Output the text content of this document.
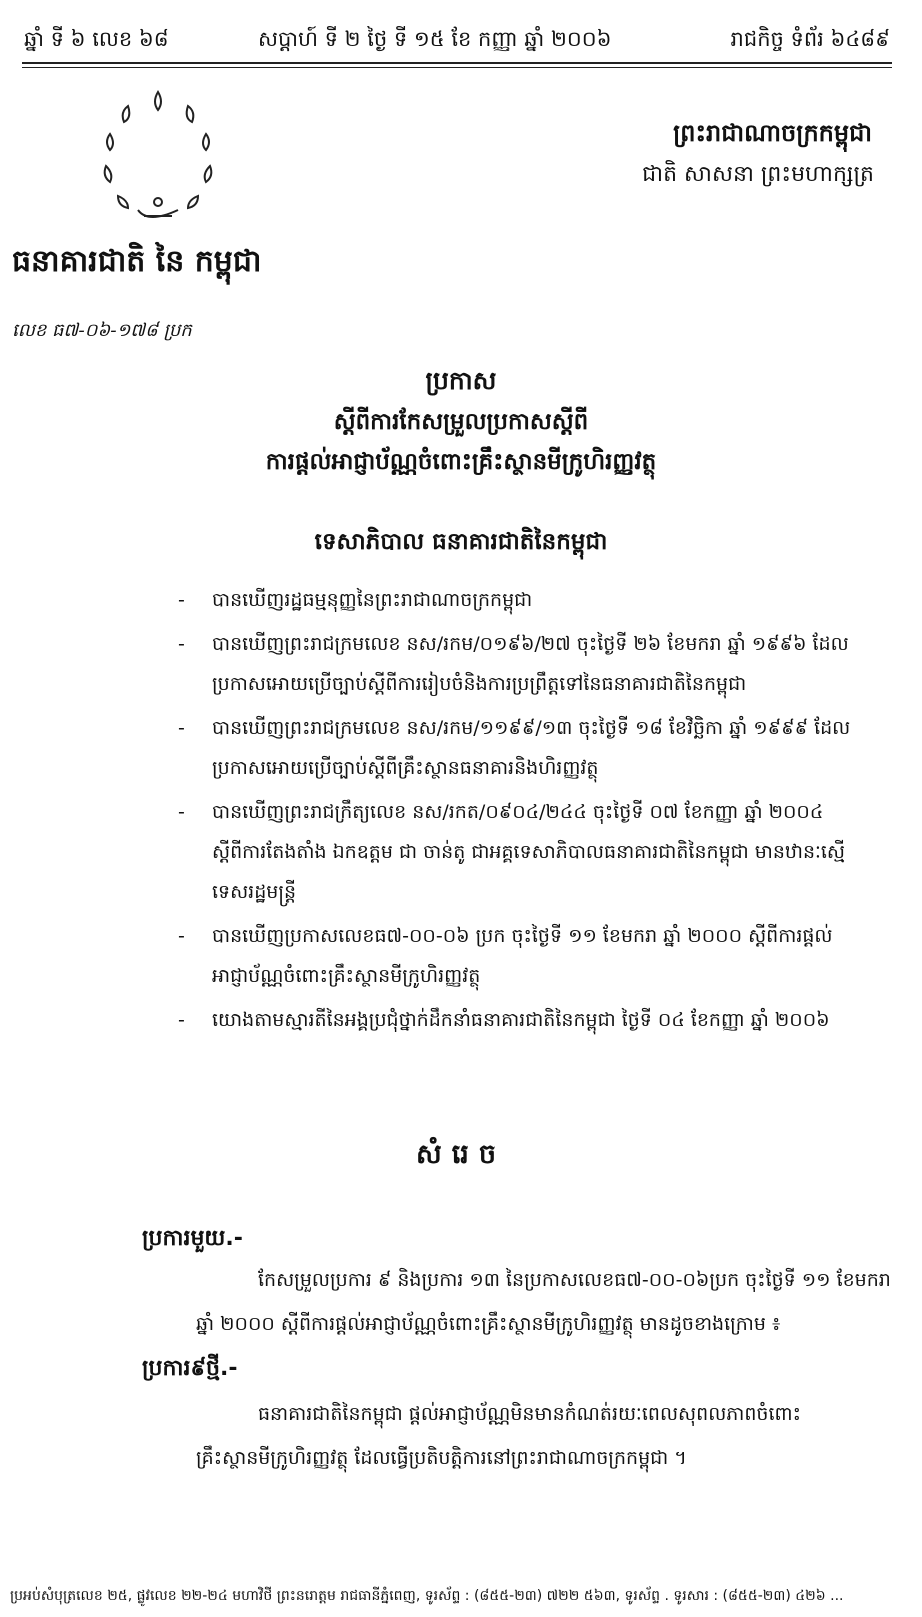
ឆ្នាំ ទី ៦ លេខ ៦៨	សប្តាហ៍ ទី ២ ថ្ងៃ ទី ១៥ ខែ កញ្ញា ឆ្នាំ ២០០៦	រាជកិច្ច ទំព័រ ៦៤៨៩
ព្រះរាជាណាចក្រកម្ពុជា
ជាតិ សាសនា ព្រះមហាក្សត្រ
ធនាគារជាតិ នៃ កម្ពុជា
លេខ ធ៧-០៦-១៧៨ ប្រក
ប្រកាស
ស្តីពីការកែសម្រួលប្រកាសស្តីពី
ការផ្តល់អាជ្ញាប័ណ្ណចំពោះគ្រឹះស្ថានមីក្រូហិរញ្ញវត្ថុ
ទេសាភិបាល ធនាគារជាតិនៃកម្ពុជា
- បានឃើញរដ្ឋធម្មនុញ្ញនៃព្រះរាជាណាចក្រកម្ពុជា
- បានឃើញព្រះរាជក្រមលេខ នស/រកម/០១៩៦/២៧ ចុះថ្ងៃទី ២៦ ខែមករា ឆ្នាំ ១៩៩៦ ដែលប្រកាសអោយប្រើច្បាប់ស្តីពីការរៀបចំនិងការប្រព្រឹត្តទៅនៃធនាគារជាតិនៃកម្ពុជា
- បានឃើញព្រះរាជក្រមលេខ នស/រកម/១១៩៩/១៣ ចុះថ្ងៃទី ១៨ ខែវិច្ឆិកា ឆ្នាំ ១៩៩៩ ដែលប្រកាសអោយប្រើច្បាប់ស្តីពីគ្រឹះស្ថានធនាគារនិងហិរញ្ញវត្ថុ
- បានឃើញព្រះរាជក្រឹត្យលេខ នស/រកត/០៩០៤/២៤៤ ចុះថ្ងៃទី ០៧ ខែកញ្ញា ឆ្នាំ ២០០៤ ស្តីពីការតែងតាំង ឯកឧត្តម ជា ចាន់តូ ជាអគ្គទេសាភិបាលធនាគារជាតិនៃកម្ពុជា មានឋានៈស្មើទេសរដ្ឋមន្ត្រី
- បានឃើញប្រកាសលេខធ៧-០០-០៦ ប្រក ចុះថ្ងៃទី ១១ ខែមករា ឆ្នាំ ២០០០ ស្តីពីការផ្តល់អាជ្ញាប័ណ្ណចំពោះគ្រឹះស្ថានមីក្រូហិរញ្ញវត្ថុ
- យោងតាមស្មារតីនៃអង្គប្រជុំថ្នាក់ដឹកនាំធនាគារជាតិនៃកម្ពុជា ថ្ងៃទី ០៤ ខែកញ្ញា ឆ្នាំ ២០០៦
សំរេច
ប្រការមួយ.-
កែសម្រួលប្រការ ៩ និងប្រការ ១៣ នៃប្រកាសលេខធ៧-០០-០៦ប្រក ចុះថ្ងៃទី ១១ ខែមករា
ឆ្នាំ ២០០០ ស្តីពីការផ្តល់អាជ្ញាប័ណ្ណចំពោះគ្រឹះស្ថានមីក្រូហិរញ្ញវត្ថុ មានដូចខាងក្រោម ៖
ប្រការ៩ថ្មី.-
ធនាគារជាតិនៃកម្ពុជា ផ្តល់អាជ្ញាប័ណ្ណមិនមានកំណត់រយៈពេលសុពលភាពចំពោះ
គ្រឹះស្ថានមីក្រូហិរញ្ញវត្ថុ ដែលធ្វើប្រតិបត្តិការនៅព្រះរាជាណាចក្រកម្ពុជា ។
ប្រអប់សំបុត្រលេខ ២៥, ផ្លូវលេខ ២២-២៤ មហាវិថី ព្រះនរោត្តម រាជធានីភ្នំពេញ, ទូរស័ព្ទ : (៨៥៥-២៣) ៧២២ ៥៦៣, ទូរស័ព្ទ . ទូរសារ : (៨៥៥-២៣) ៤២៦ ...
